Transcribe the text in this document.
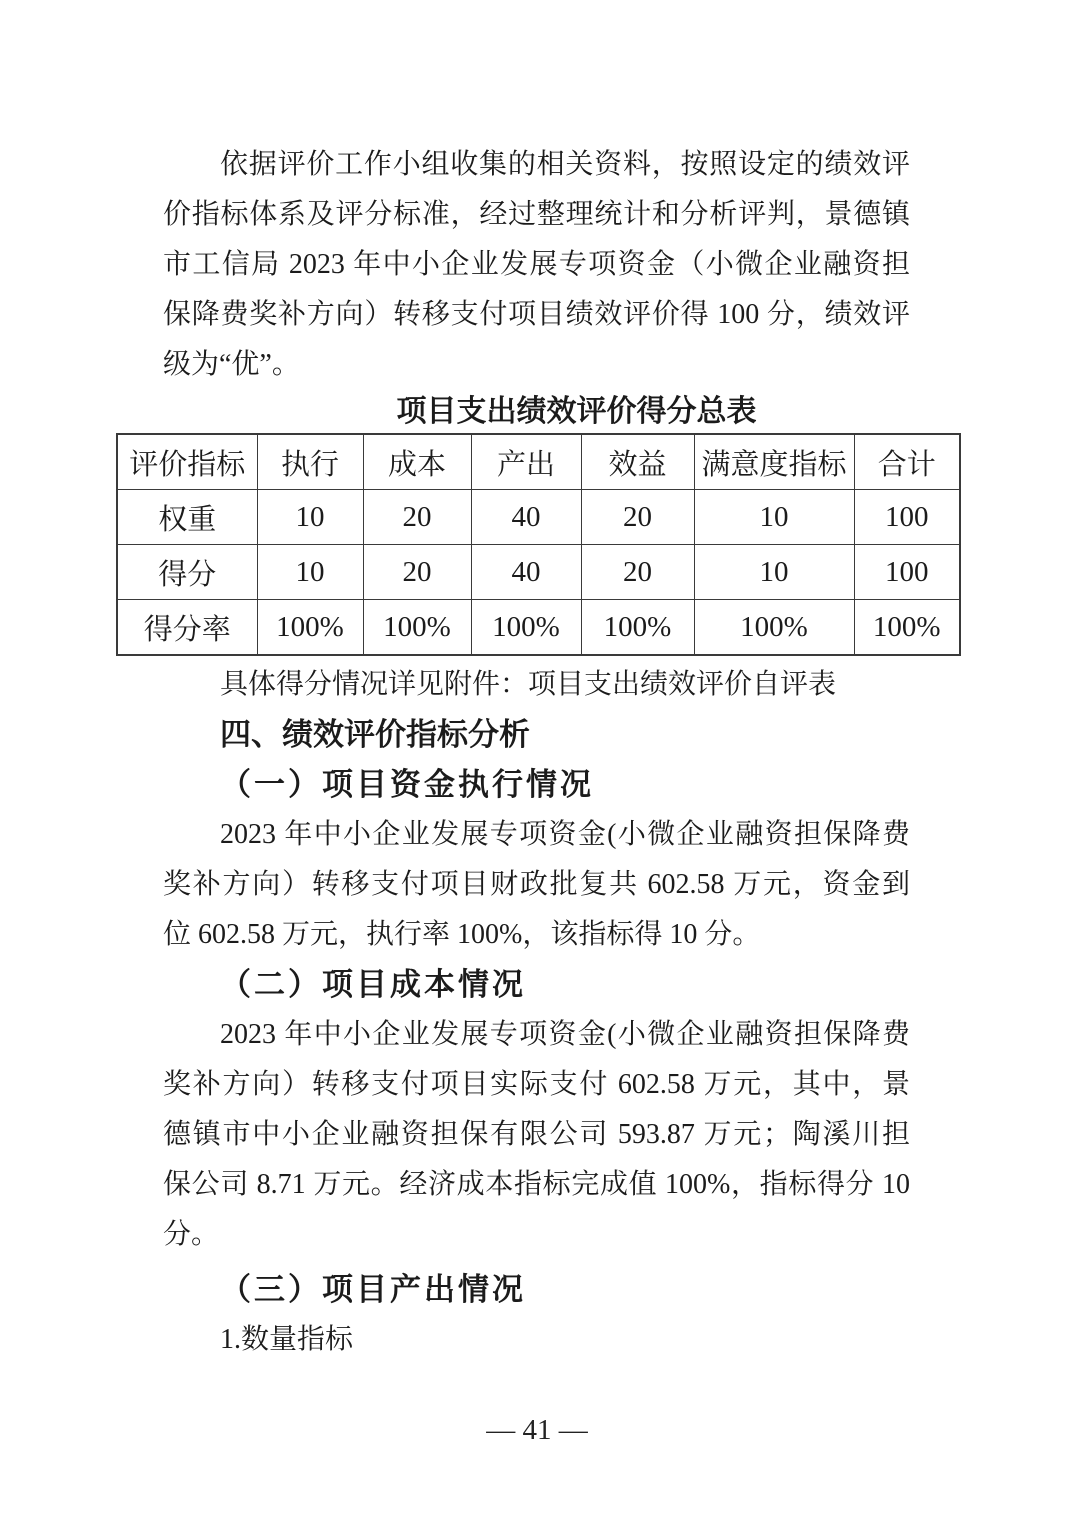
依据评价工作小组收集的相关资料，按照设定的绩效评
价指标体系及评分标准，经过整理统计和分析评判，景德镇
市工信局 2023 年中小企业发展专项资金（小微企业融资担
保降费奖补方向）转移支付项目绩效评价得 100 分，绩效评
级为“优”。
项目支出绩效评价得分总表
评价指标	执行	成本	产出	效益	满意度指标	合计
权重	10	20	40	20	10	100
得分	10	20	40	20	10	100
得分率	100%	100%	100%	100%	100%	100%
具体得分情况详见附件：项目支出绩效评价自评表
四、绩效评价指标分析
（一）项目资金执行情况
2023 年中小企业发展专项资金(小微企业融资担保降费
奖补方向）转移支付项目财政批复共 602.58 万元，资金到
位 602.58 万元，执行率 100%，该指标得 10 分。
（二）项目成本情况
2023 年中小企业发展专项资金(小微企业融资担保降费
奖补方向）转移支付项目实际支付 602.58 万元，其中，景
德镇市中小企业融资担保有限公司 593.87 万元；陶溪川担
保公司 8.71 万元。经济成本指标完成值 100%，指标得分 10
分。
（三）项目产出情况
1.数量指标
— 41 —
